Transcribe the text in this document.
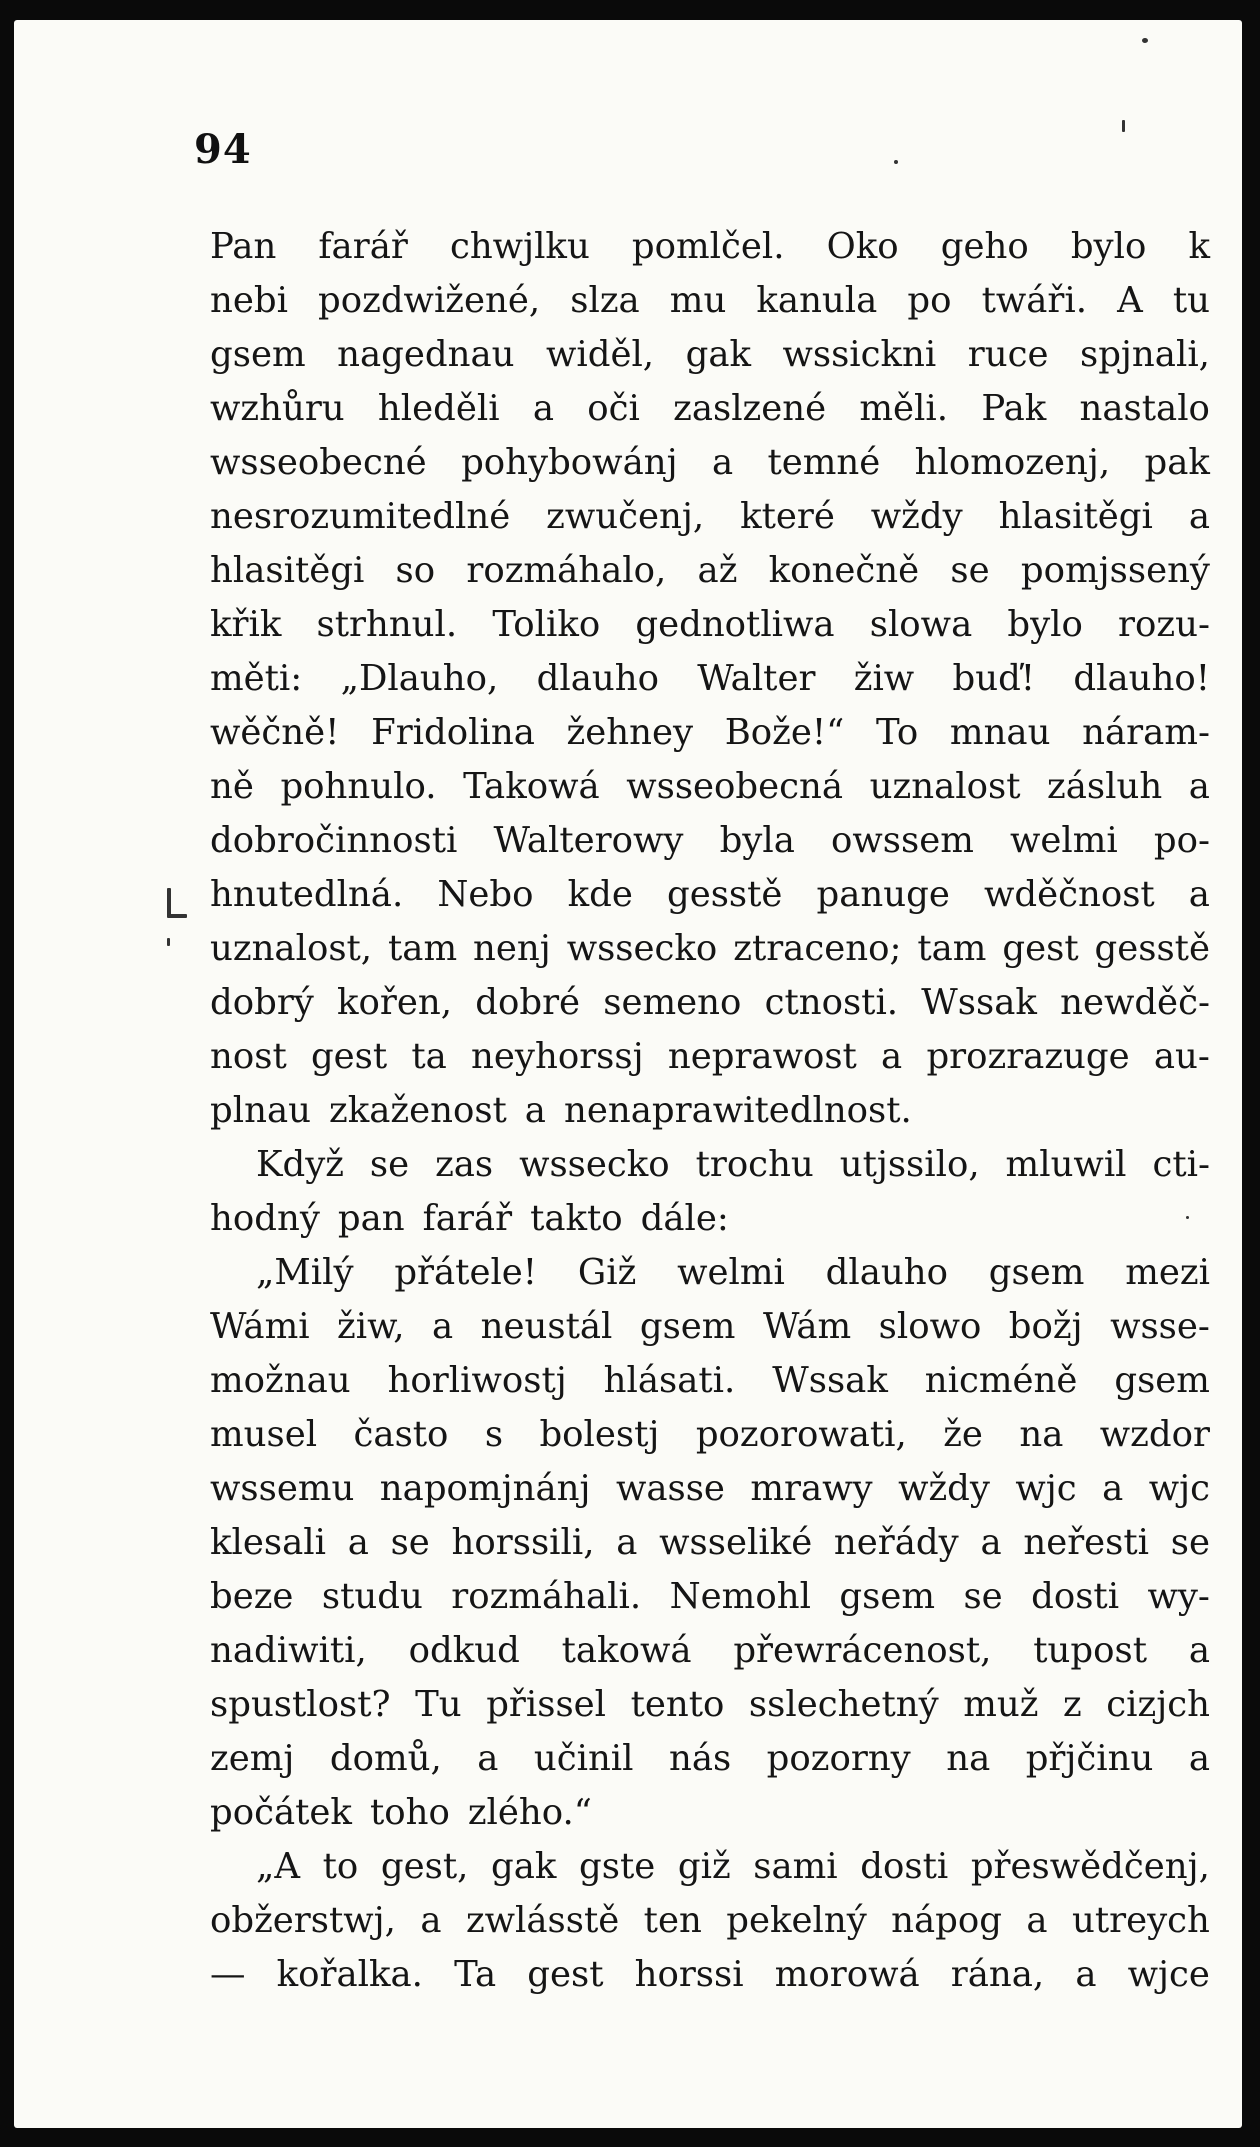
94
Pan farář chwjlku pomlčel. Oko geho bylo k
nebi pozdwižené, slza mu kanula po twáři. A tu
gsem nagednau widěl, gak wssickni ruce spjnali,
wzhůru hleděli a oči zaslzené měli. Pak nastalo
wsseobecné pohybowánj a temné hlomozenj, pak
nesrozumitedlné zwučenj, které wždy hlasitěgi a
hlasitěgi so rozmáhalo, až konečně se pomjssený
křik strhnul. Toliko gednotliwa slowa bylo rozu-
měti: „Dlauho, dlauho Walter žiw buď! dlauho!
wěčně! Fridolina žehney Bože!“ To mnau náram-
ně pohnulo. Takowá wsseobecná uznalost zásluh a
dobročinnosti Walterowy byla owssem welmi po-
hnutedlná. Nebo kde gesstě panuge wděčnost a
uznalost, tam nenj wssecko ztraceno; tam gest gesstě
dobrý kořen, dobré semeno ctnosti. Wssak newděč-
nost gest ta neyhorssj neprawost a prozrazuge au-
plnau zkaženost a nenaprawitedlnost.
Když se zas wssecko trochu utjssilo, mluwil cti-
hodný pan farář takto dále:
„Milý přátele! Giž welmi dlauho gsem mezi
Wámi žiw, a neustál gsem Wám slowo božj wsse-
možnau horliwostj hlásati. Wssak nicméně gsem
musel často s bolestj pozorowati, že na wzdor
wssemu napomjnánj wasse mrawy wždy wjc a wjc
klesali a se horssili, a wsseliké neřády a neřesti se
beze studu rozmáhali. Nemohl gsem se dosti wy-
nadiwiti, odkud takowá přewrácenost, tupost a
spustlost? Tu přissel tento sslechetný muž z cizjch
zemj domů, a učinil nás pozorny na přjčinu a
počátek toho zlého.“
„A to gest, gak gste giž sami dosti přeswědčenj,
obžerstwj, a zwlásstě ten pekelný nápog a utreych
— kořalka. Ta gest horssi morowá rána, a wjce
